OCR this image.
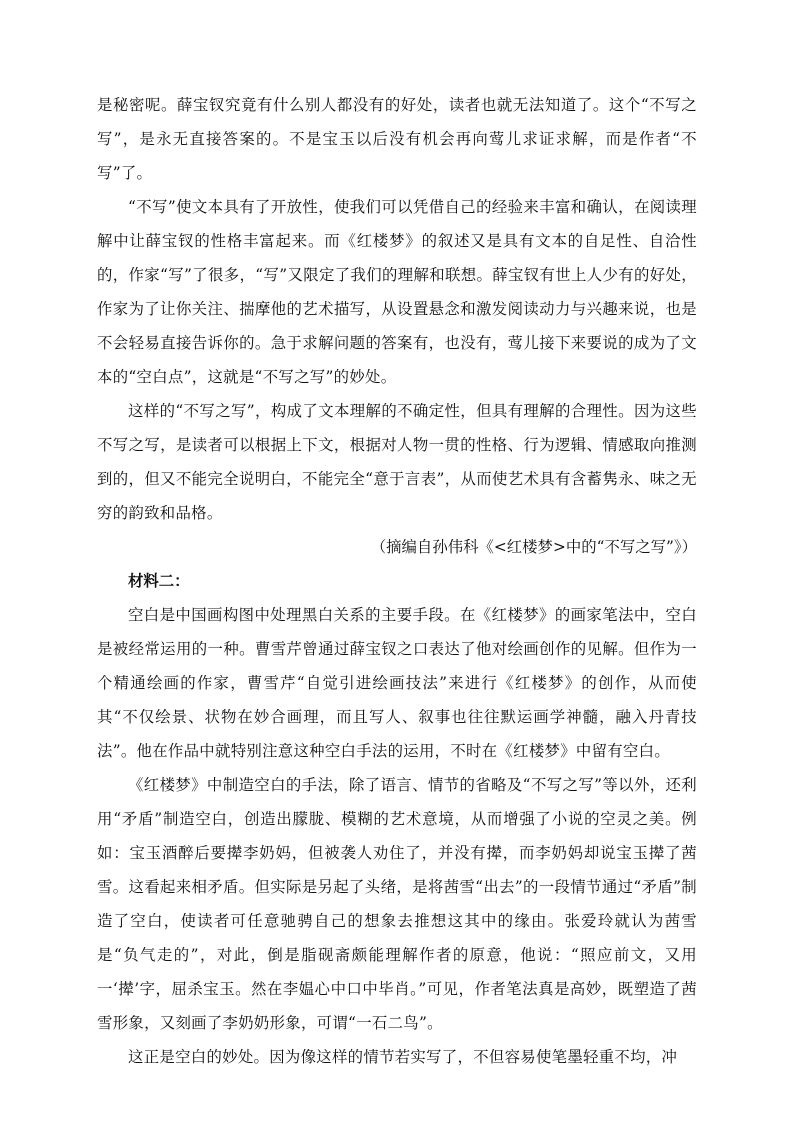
是秘密呢。薛宝钗究竟有什么别人都没有的好处，读者也就无法知道了。这个“不写之写”，是永无直接答案的。不是宝玉以后没有机会再向莺儿求证求解，而是作者“不写”了。

“不写”使文本具有了开放性，使我们可以凭借自己的经验来丰富和确认，在阅读理解中让薛宝钗的性格丰富起来。而《红楼梦》的叙述又是具有文本的自足性、自洽性的，作家“写”了很多，“写”又限定了我们的理解和联想。薛宝钗有世上人少有的好处，作家为了让你关注、揣摩他的艺术描写，从设置悬念和激发阅读动力与兴趣来说，也是不会轻易直接告诉你的。急于求解问题的答案有，也没有，莺儿接下来要说的成为了文本的“空白点”，这就是“不写之写”的妙处。

这样的“不写之写”，构成了文本理解的不确定性，但具有理解的合理性。因为这些不写之写，是读者可以根据上下文，根据对人物一贯的性格、行为逻辑、情感取向推测到的，但又不能完全说明白，不能完全“意于言表”，从而使艺术具有含蓄隽永、味之无穷的韵致和品格。

（摘编自孙伟科《<红楼梦>中的“不写之写”》）

材料二：

空白是中国画构图中处理黑白关系的主要手段。在《红楼梦》的画家笔法中，空白是被经常运用的一种。曹雪芹曾通过薛宝钗之口表达了他对绘画创作的见解。但作为一个精通绘画的作家，曹雪芹“自觉引进绘画技法”来进行《红楼梦》的创作，从而使其“不仅绘景、状物在妙合画理，而且写人、叙事也往往默运画学神髓，融入丹青技法”。他在作品中就特别注意这种空白手法的运用，不时在《红楼梦》中留有空白。

《红楼梦》中制造空白的手法，除了语言、情节的省略及“不写之写”等以外，还利用“矛盾”制造空白，创造出朦胧、模糊的艺术意境，从而增强了小说的空灵之美。例如：宝玉酒醉后要撵李奶妈，但被袭人劝住了，并没有撵，而李奶妈却说宝玉撵了茜雪。这看起来相矛盾。但实际是另起了头绪，是将茜雪“出去”的一段情节通过“矛盾”制造了空白，使读者可任意驰骋自己的想象去推想这其中的缘由。张爱玲就认为茜雪是“负气走的”，对此，倒是脂砚斋颇能理解作者的原意，他说：“照应前文，又用一‘撵’字，屈杀宝玉。然在李媪心中口中毕肖。”可见，作者笔法真是高妙，既塑造了茜雪形象，又刻画了李奶奶形象，可谓“一石二鸟”。

这正是空白的妙处。因为像这样的情节若实写了，不但容易使笔墨轻重不均，冲
